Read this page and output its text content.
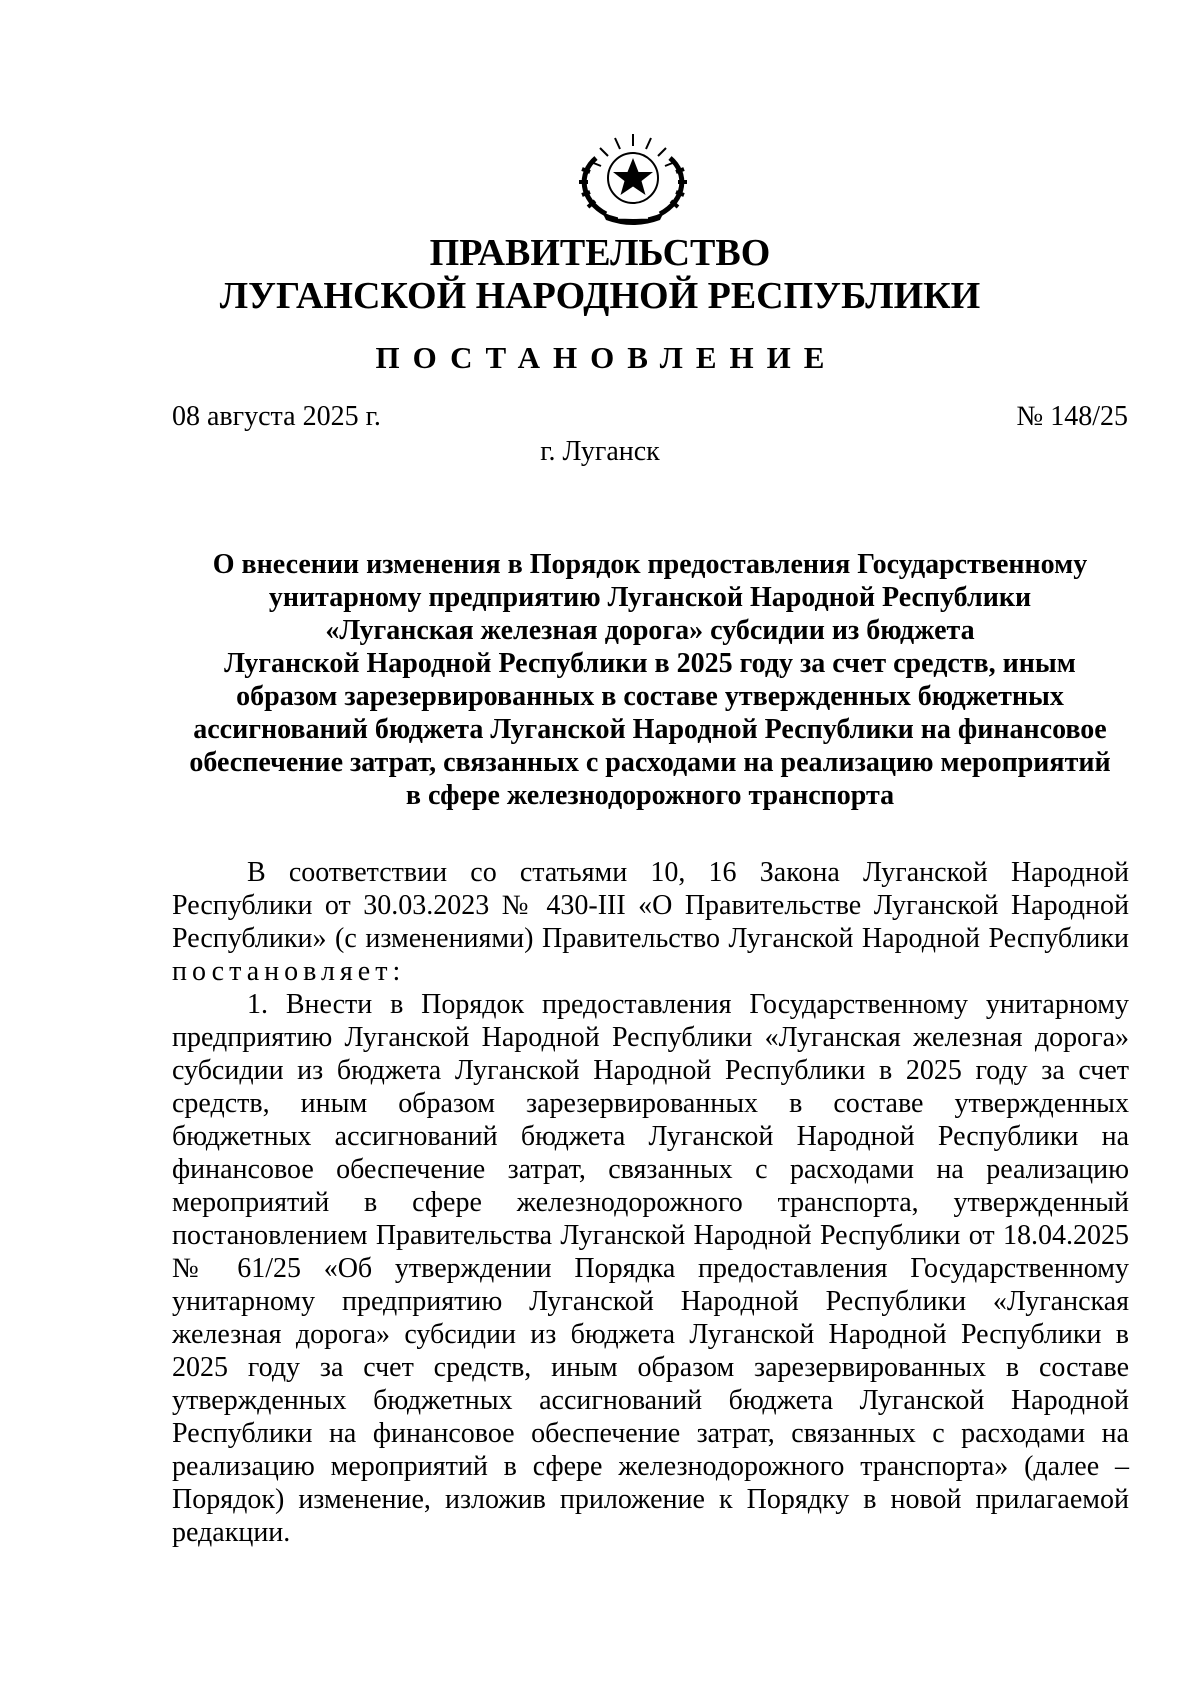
ПРАВИТЕЛЬСТВО
ЛУГАНСКОЙ НАРОДНОЙ РЕСПУБЛИКИ
ПОСТАНОВЛЕНИЕ
08 августа 2025 г.	№ 148/25
г. Луганск

О внесении изменения в Порядок предоставления Государственному

унитарному предприятию Луганской Народной Республики

«Луганская железная дорога» субсидии из бюджета

Луганской Народной Республики в 2025 году за счет средств, иным

образом зарезервированных в составе утвержденных бюджетных

ассигнований бюджета Луганской Народной Республики на финансовое

обеспечение затрат, связанных с расходами на реализацию мероприятий

в сфере железнодорожного транспорта

В соответствии со статьями 10, 16 Закона Луганской Народной Республики от 30.03.2023 № 430-III «О Правительстве Луганской Народной Республики» (с изменениями) Правительство Луганской Народной Республики постановляет:

1. Внести в Порядок предоставления Государственному унитарному предприятию Луганской Народной Республики «Луганская железная дорога» субсидии из бюджета Луганской Народной Республики в 2025 году за счет средств, иным образом зарезервированных в составе утвержденных бюджетных ассигнований бюджета Луганской Народной Республики на финансовое обеспечение затрат, связанных с расходами на реализацию мероприятий в сфере железнодорожного транспорта, утвержденный постановлением Правительства Луганской Народной Республики от 18.04.2025 № 61/25 «Об утверждении Порядка предоставления Государственному унитарному предприятию Луганской Народной Республики «Луганская железная дорога» субсидии из бюджета Луганской Народной Республики в 2025 году за счет средств, иным образом зарезервированных в составе утвержденных бюджетных ассигнований бюджета Луганской Народной Республики на финансовое обеспечение затрат, связанных с расходами на реализацию мероприятий в сфере железнодорожного транспорта» (далее – Порядок) изменение, изложив приложение к Порядку в новой прилагаемой редакции.
